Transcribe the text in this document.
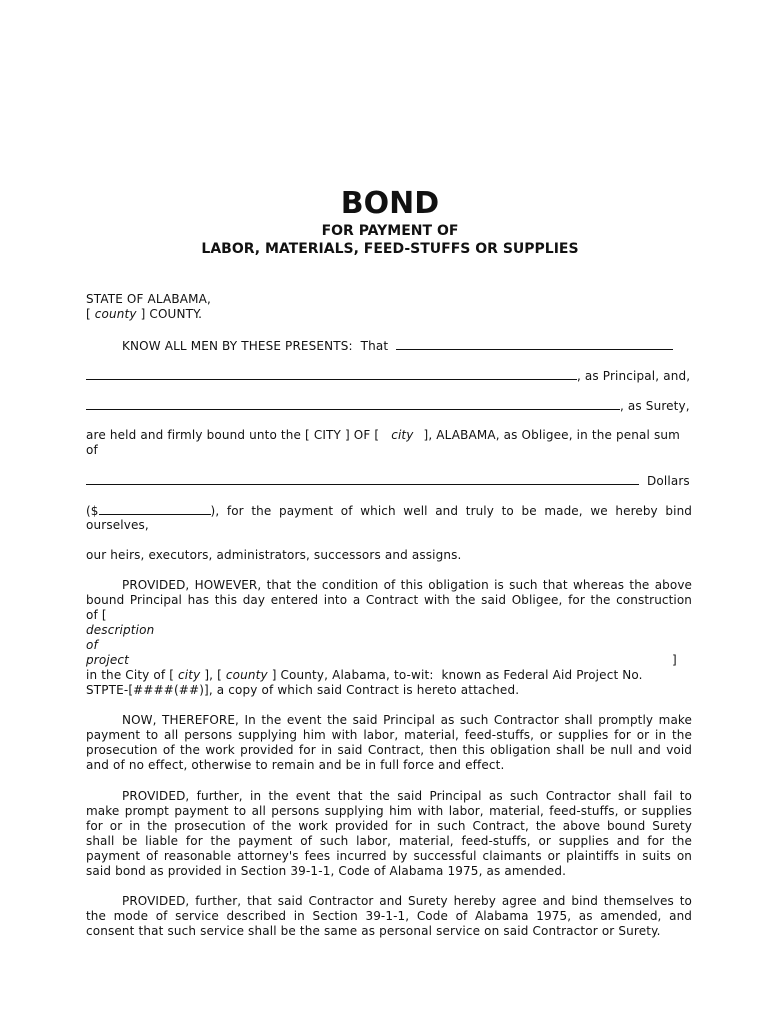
BOND
FOR PAYMENT OF
LABOR, MATERIALS, FEED-STUFFS OR SUPPLIES
STATE OF ALABAMA,
[ county ] COUNTY.
KNOW ALL MEN BY THESE PRESENTS:  That
, as Principal, and,
, as Surety,
are held and firmly bound unto the [ CITY ] OF [ city ], ALABAMA, as Obligee, in the penal sum
of
Dollars
($	), for the payment of which well and truly to be made, we hereby bind
ourselves,
our heirs, executors, administrators, successors and assigns.
PROVIDED, HOWEVER, that the condition of this obligation is such that whereas the above
bound Principal has this day entered into a Contract with the said Obligee, for the construction
of [
description
of
project	]
in the City of [ city ], [ county ] County, Alabama, to-wit:  known as Federal Aid Project No.
STPTE-[####(##)], a copy of which said Contract is hereto attached.
NOW, THEREFORE, In the event the said Principal as such Contractor shall promptly make
payment to all persons supplying him with labor, material, feed-stuffs, or supplies for or in the
prosecution of the work provided for in said Contract, then this obligation shall be null and void
and of no effect, otherwise to remain and be in full force and effect.
PROVIDED, further, in the event that the said Principal as such Contractor shall fail to
make prompt payment to all persons supplying him with labor, material, feed-stuffs, or supplies
for or in the prosecution of the work provided for in such Contract, the above bound Surety
shall be liable for the payment of such labor, material, feed-stuffs, or supplies and for the
payment of reasonable attorney's fees incurred by successful claimants or plaintiffs in suits on
said bond as provided in Section 39-1-1, Code of Alabama 1975, as amended.
PROVIDED, further, that said Contractor and Surety hereby agree and bind themselves to
the mode of service described in Section 39-1-1, Code of Alabama 1975, as amended, and
consent that such service shall be the same as personal service on said Contractor or Surety.
